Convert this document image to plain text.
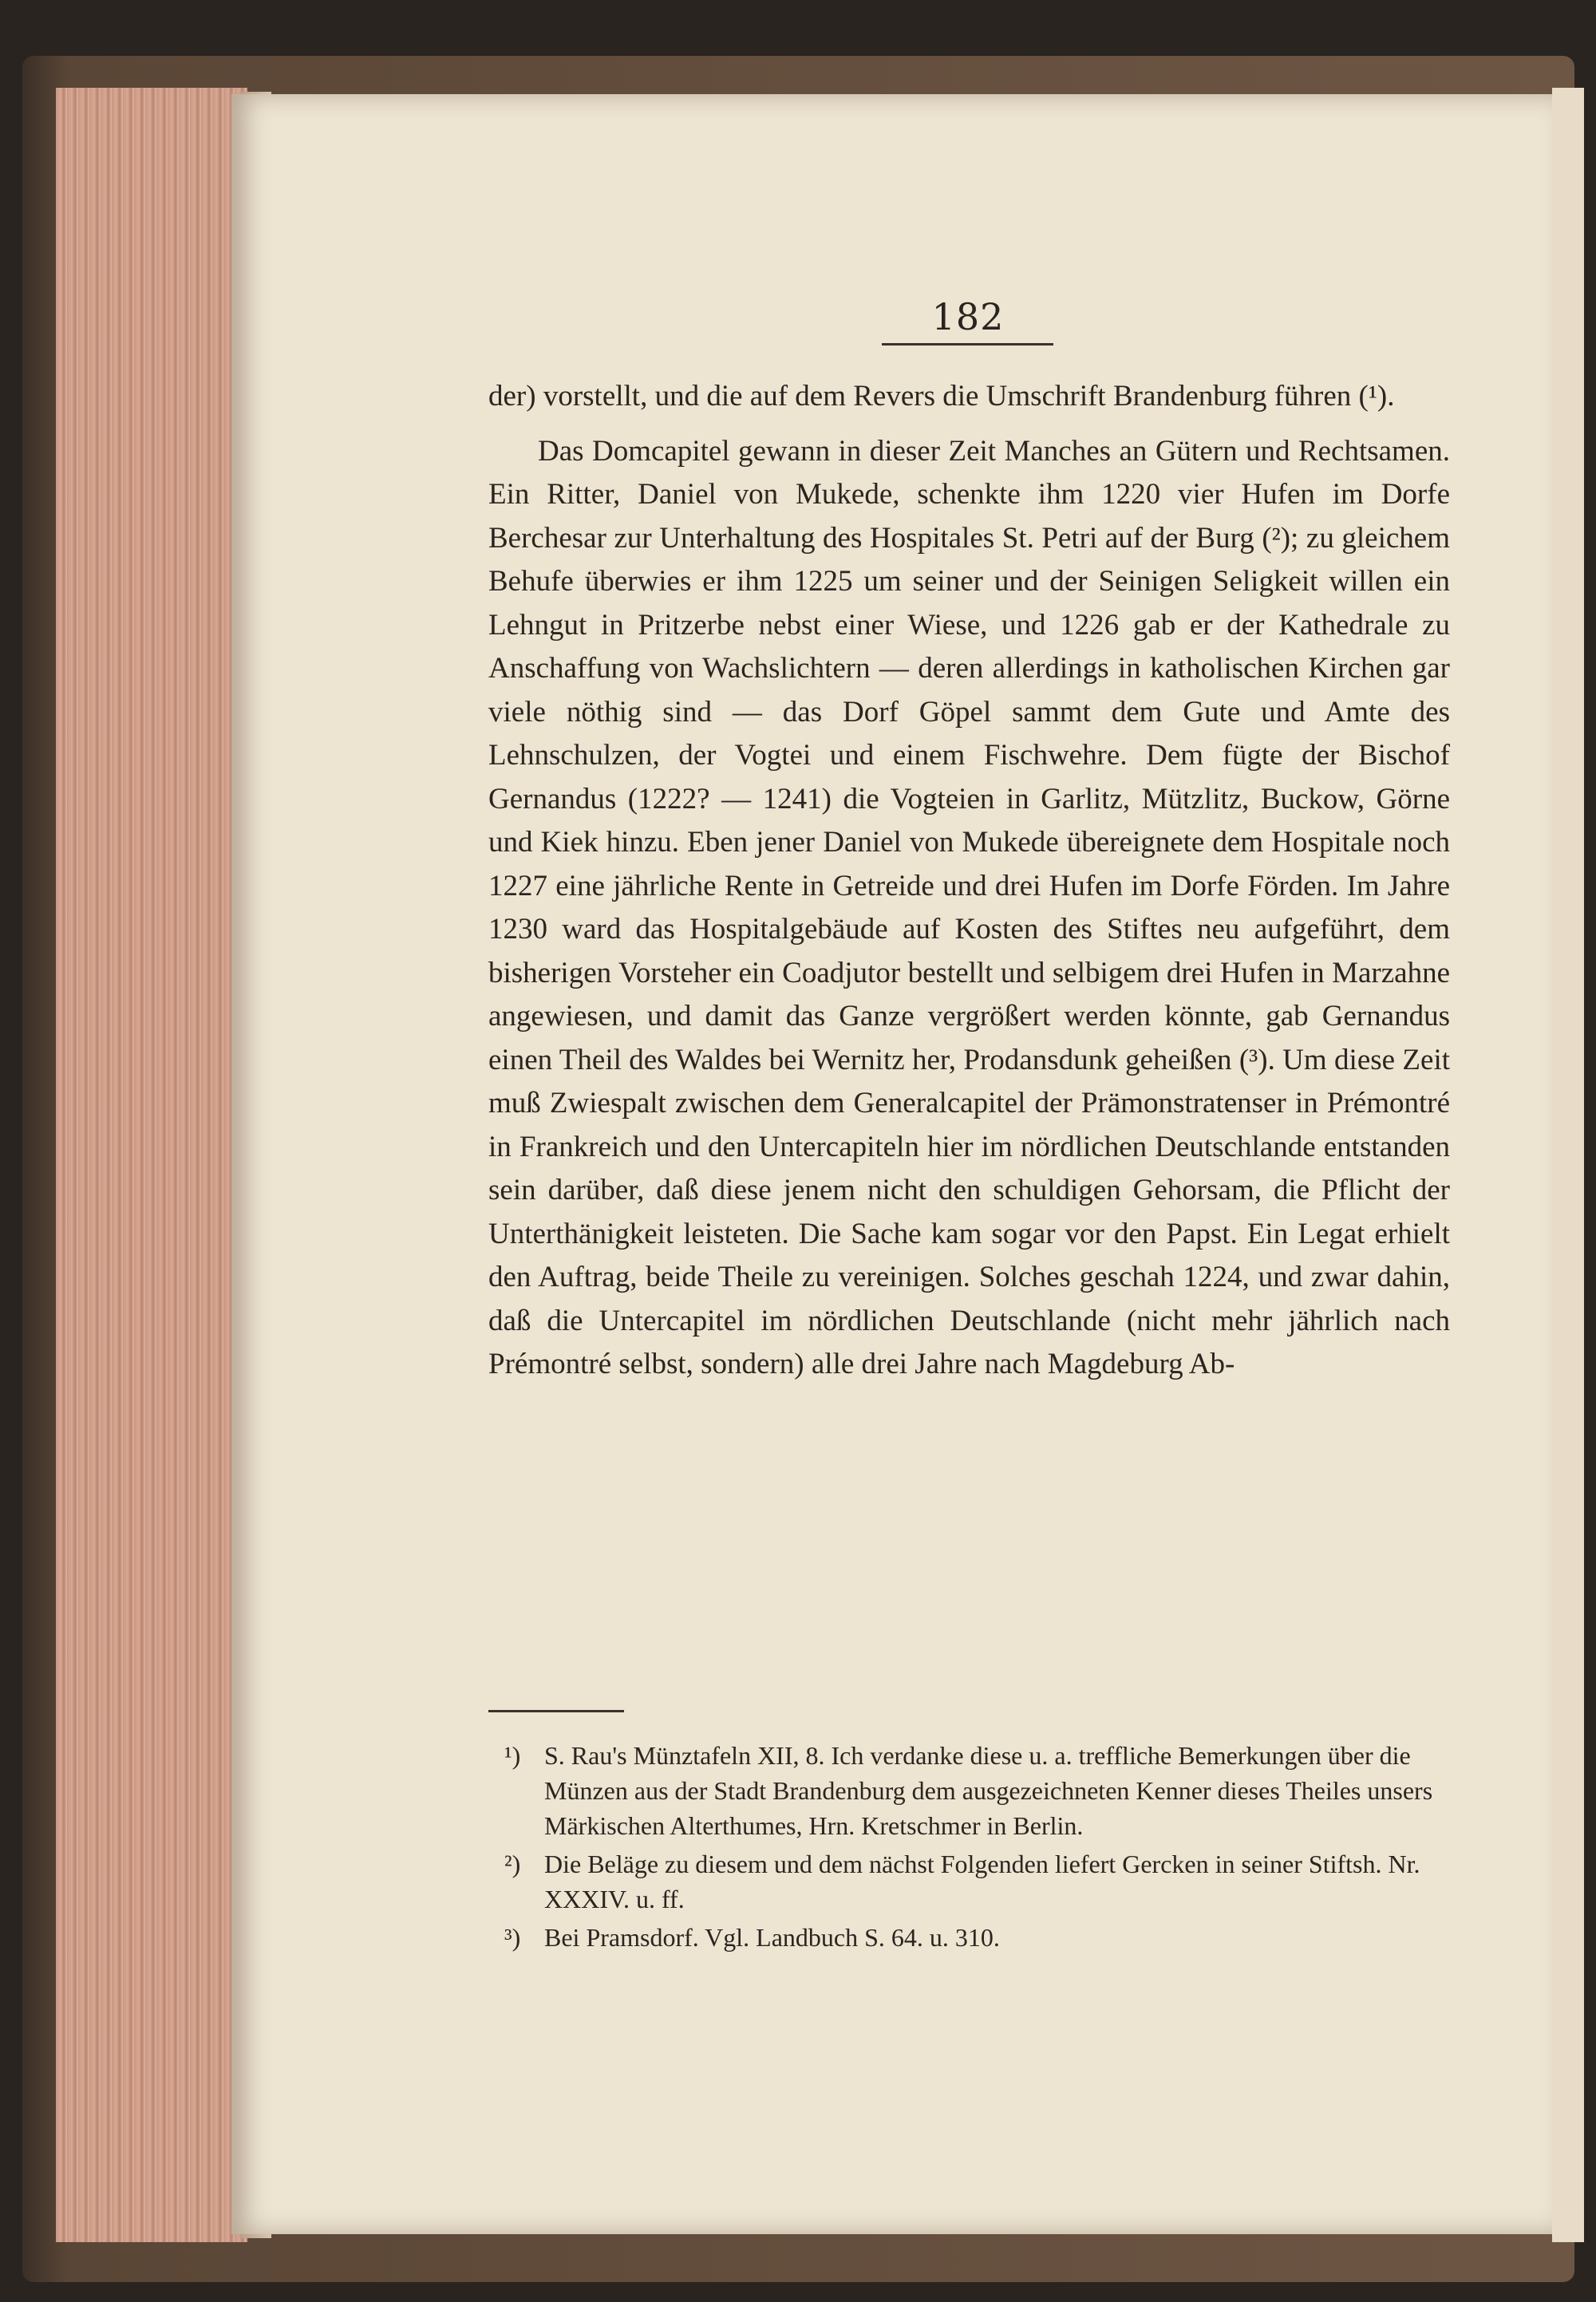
182

der) vorstellt, und die auf dem Revers die Umschrift Brandenburg führen (¹).

Das Domcapitel gewann in dieser Zeit Manches an Gütern und Rechtsamen. Ein Ritter, Daniel von Mukede, schenkte ihm 1220 vier Hufen im Dorfe Berchesar zur Unterhaltung des Hospitales St. Petri auf der Burg (²); zu gleichem Behufe überwies er ihm 1225 um seiner und der Seinigen Seligkeit willen ein Lehngut in Pritzerbe nebst einer Wiese, und 1226 gab er der Kathedrale zu Anschaffung von Wachslichtern — deren allerdings in katholischen Kirchen gar viele nöthig sind — das Dorf Göpel sammt dem Gute und Amte des Lehnschulzen, der Vogtei und einem Fischwehre. Dem fügte der Bischof Gernandus (1222? — 1241) die Vogteien in Garlitz, Mützlitz, Buckow, Görne und Kiek hinzu. Eben jener Daniel von Mukede übereignete dem Hospitale noch 1227 eine jährliche Rente in Getreide und drei Hufen im Dorfe Förden. Im Jahre 1230 ward das Hospitalgebäude auf Kosten des Stiftes neu aufgeführt, dem bisherigen Vorsteher ein Coadjutor bestellt und selbigem drei Hufen in Marzahne angewiesen, und damit das Ganze vergrößert werden könnte, gab Gernandus einen Theil des Waldes bei Wernitz her, Prodansdunk geheißen (³). Um diese Zeit muß Zwiespalt zwischen dem Generalcapitel der Prämonstratenser in Prémontré in Frankreich und den Untercapiteln hier im nördlichen Deutschlande entstanden sein darüber, daß diese jenem nicht den schuldigen Gehorsam, die Pflicht der Unterthänigkeit leisteten. Die Sache kam sogar vor den Papst. Ein Legat erhielt den Auftrag, beide Theile zu vereinigen. Solches geschah 1224, und zwar dahin, daß die Untercapitel im nördlichen Deutschlande (nicht mehr jährlich nach Prémontré selbst, sondern) alle drei Jahre nach Magdeburg Ab-

¹) S. Rau's Münztafeln XII, 8. Ich verdanke diese u. a. treffliche Bemerkungen über die Münzen aus der Stadt Brandenburg dem ausgezeichneten Kenner dieses Theiles unsers Märkischen Alterthumes, Hrn. Kretschmer in Berlin.
²) Die Beläge zu diesem und dem nächst Folgenden liefert Gercken in seiner Stiftsh. Nr. XXXIV. u. ff.
³) Bei Pramsdorf. Vgl. Landbuch S. 64. u. 310.
